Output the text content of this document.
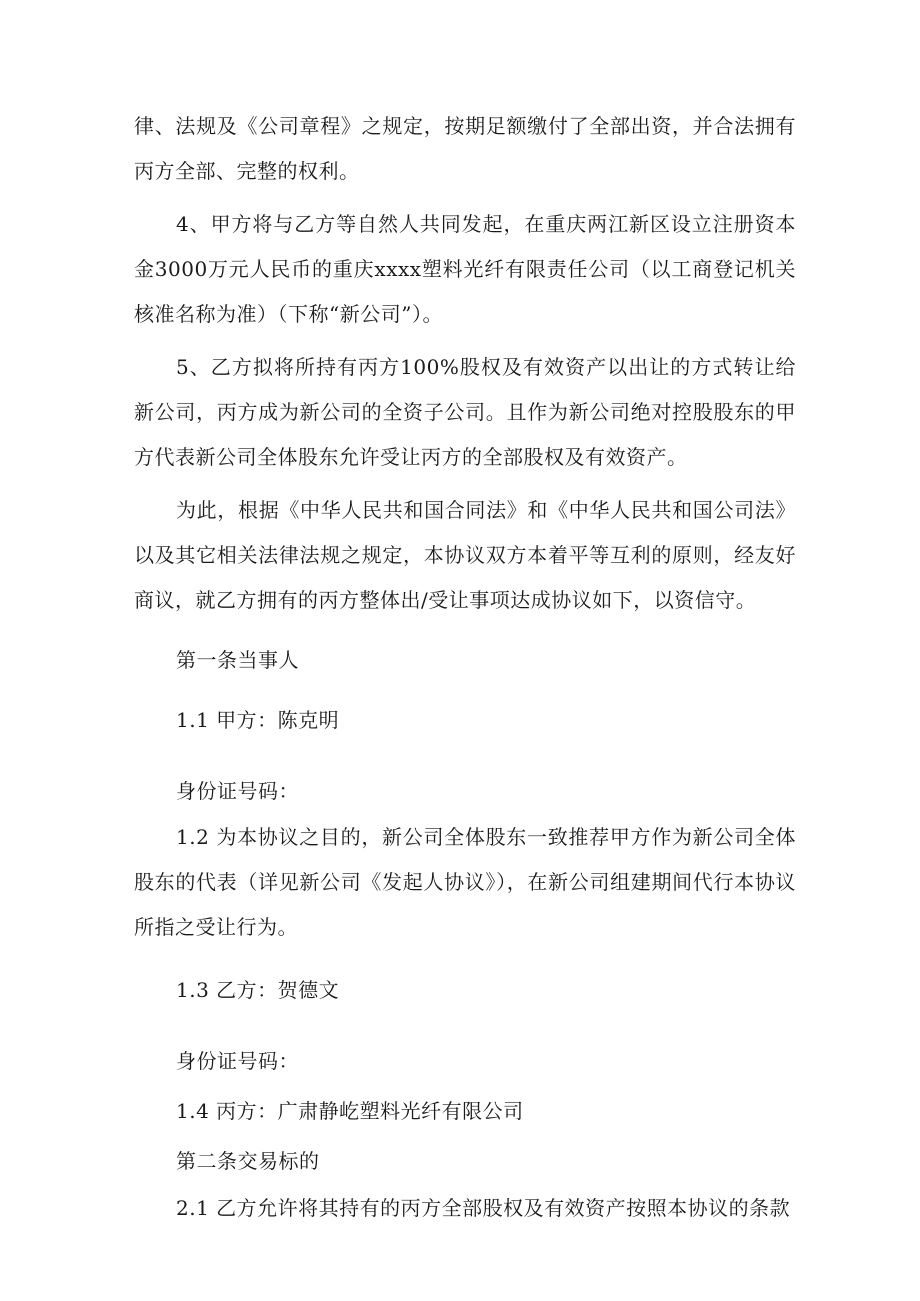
律、法规及《公司章程》之规定，按期足额缴付了全部出资，并合法拥有丙方全部、完整的权利。

4、甲方将与乙方等自然人共同发起，在重庆两江新区设立注册资本金3000万元人民币的重庆xxxx塑料光纤有限责任公司（以工商登记机关核准名称为准）（下称“新公司”）。

5、乙方拟将所持有丙方100%股权及有效资产以出让的方式转让给新公司，丙方成为新公司的全资子公司。且作为新公司绝对控股股东的甲方代表新公司全体股东允许受让丙方的全部股权及有效资产。

为此，根据《中华人民共和国合同法》和《中华人民共和国公司法》以及其它相关法律法规之规定，本协议双方本着平等互利的原则，经友好商议，就乙方拥有的丙方整体出/受让事项达成协议如下，以资信守。

第一条当事人

1.1 甲方：陈克明

身份证号码：

1.2 为本协议之目的，新公司全体股东一致推荐甲方作为新公司全体股东的代表（详见新公司《发起人协议》），在新公司组建期间代行本协议所指之受让行为。

1.3 乙方：贺德文

身份证号码：

1.4 丙方：广肃静屹塑料光纤有限公司

第二条交易标的

2.1 乙方允许将其持有的丙方全部股权及有效资产按照本协议的条款
